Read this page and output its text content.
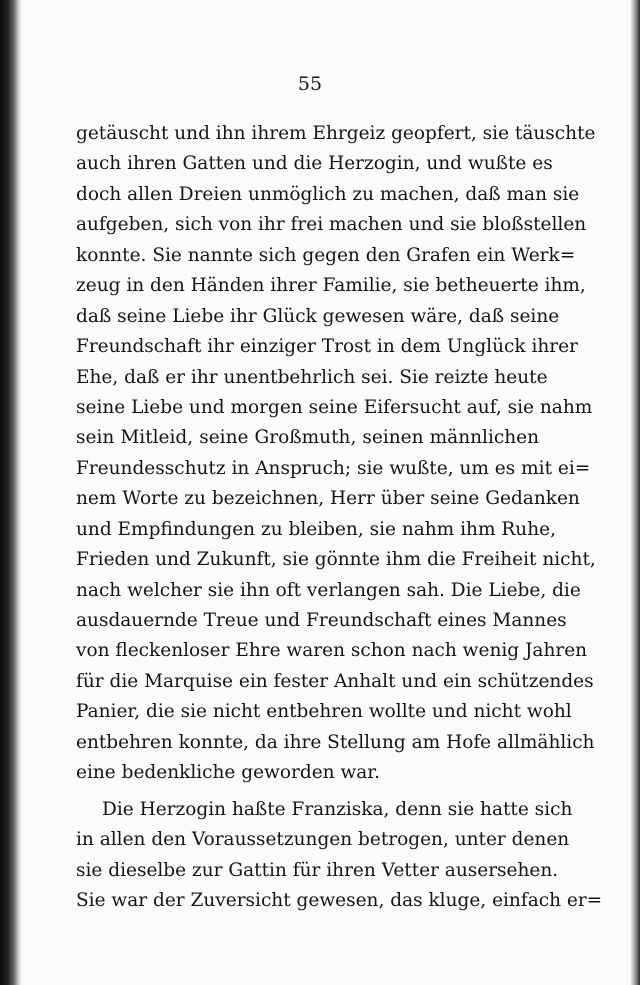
55
getäuscht und ihn ihrem Ehrgeiz geopfert, sie täuschte
auch ihren Gatten und die Herzogin, und wußte es
doch allen Dreien unmöglich zu machen, daß man sie
aufgeben, sich von ihr frei machen und sie bloßstellen
konnte. Sie nannte sich gegen den Grafen ein Werk=
zeug in den Händen ihrer Familie, sie betheuerte ihm,
daß seine Liebe ihr Glück gewesen wäre, daß seine
Freundschaft ihr einziger Trost in dem Unglück ihrer
Ehe, daß er ihr unentbehrlich sei. Sie reizte heute
seine Liebe und morgen seine Eifersucht auf, sie nahm
sein Mitleid, seine Großmuth, seinen männlichen
Freundesschutz in Anspruch; sie wußte, um es mit ei=
nem Worte zu bezeichnen, Herr über seine Gedanken
und Empfindungen zu bleiben, sie nahm ihm Ruhe,
Frieden und Zukunft, sie gönnte ihm die Freiheit nicht,
nach welcher sie ihn oft verlangen sah. Die Liebe, die
ausdauernde Treue und Freundschaft eines Mannes
von fleckenloser Ehre waren schon nach wenig Jahren
für die Marquise ein fester Anhalt und ein schützendes
Panier, die sie nicht entbehren wollte und nicht wohl
entbehren konnte, da ihre Stellung am Hofe allmählich
eine bedenkliche geworden war.
Die Herzogin haßte Franziska, denn sie hatte sich
in allen den Voraussetzungen betrogen, unter denen
sie dieselbe zur Gattin für ihren Vetter ausersehen.
Sie war der Zuversicht gewesen, das kluge, einfach er=
